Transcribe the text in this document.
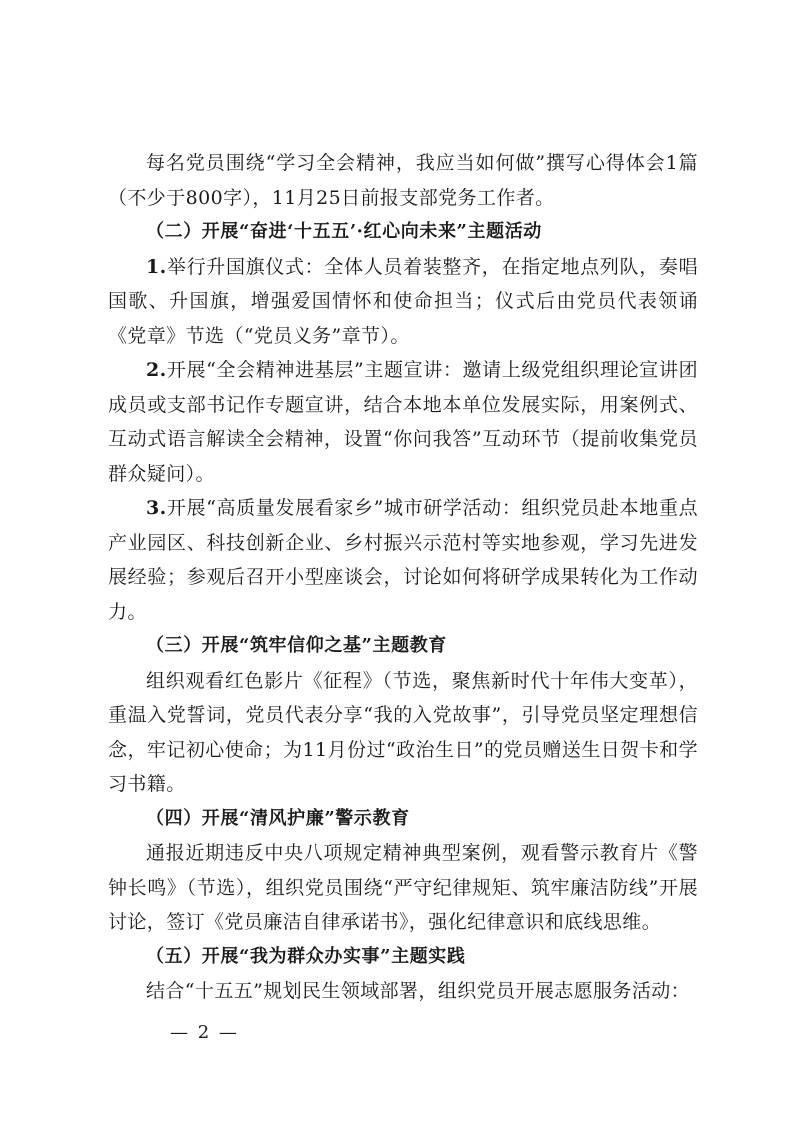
每名党员围绕“学习全会精神，我应当如何做”撰写心得体会1篇（不少于800字），11月25日前报支部党务工作者。

（二）开展“奋进‘十五五’·红心向未来”主题活动

1.举行升国旗仪式：全体人员着装整齐，在指定地点列队，奏唱国歌、升国旗，增强爱国情怀和使命担当；仪式后由党员代表领诵《党章》节选（“党员义务”章节）。

2.开展“全会精神进基层”主题宣讲：邀请上级党组织理论宣讲团成员或支部书记作专题宣讲，结合本地本单位发展实际，用案例式、互动式语言解读全会精神，设置“你问我答”互动环节（提前收集党员群众疑问）。

3.开展“高质量发展看家乡”城市研学活动：组织党员赴本地重点产业园区、科技创新企业、乡村振兴示范村等实地参观，学习先进发展经验；参观后召开小型座谈会，讨论如何将研学成果转化为工作动力。

（三）开展“筑牢信仰之基”主题教育

组织观看红色影片《征程》（节选，聚焦新时代十年伟大变革），重温入党誓词，党员代表分享“我的入党故事”，引导党员坚定理想信念，牢记初心使命；为11月份过“政治生日”的党员赠送生日贺卡和学习书籍。

（四）开展“清风护廉”警示教育

通报近期违反中央八项规定精神典型案例，观看警示教育片《警钟长鸣》（节选），组织党员围绕“严守纪律规矩、筑牢廉洁防线”开展讨论，签订《党员廉洁自律承诺书》，强化纪律意识和底线思维。

（五）开展“我为群众办实事”主题实践

结合“十五五”规划民生领域部署，组织党员开展志愿服务活动：

— 2 —
